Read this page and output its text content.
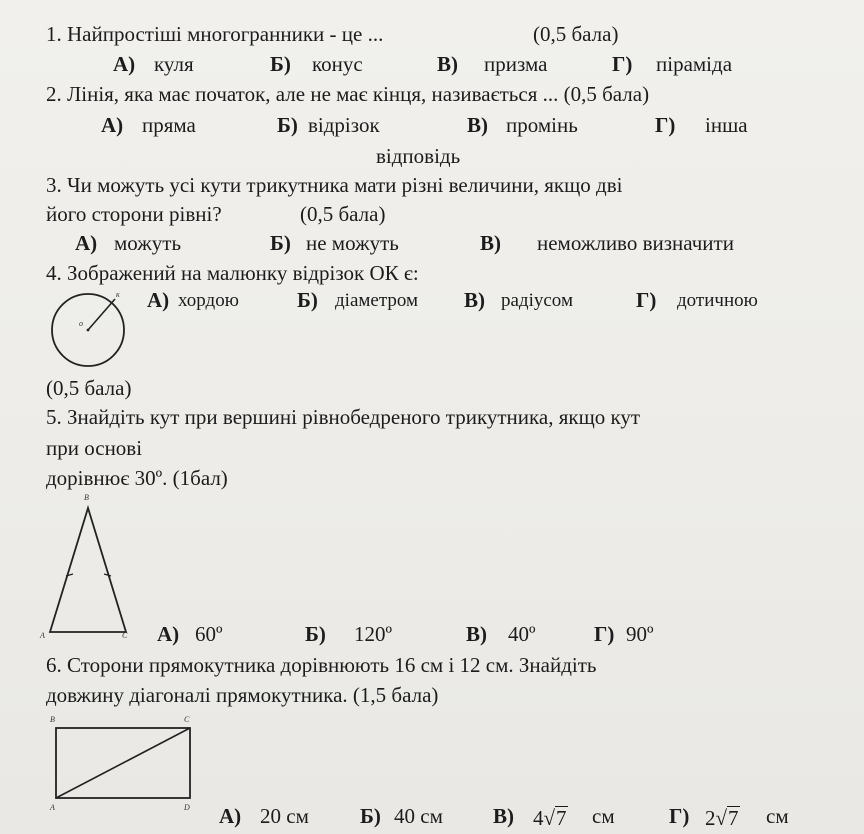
1. Найпростіші многогранники - це ...	(0,5 бала)
А) куля	Б) конус	В) призма	Г) піраміда
2. Лінія, яка має початок, але не має кінця, називається ... (0,5 бала)
А) пряма	Б) відрізок	В) промінь	Г) інша
відповідь
3. Чи можуть усі кути трикутника мати різні величини, якщо дві
його сторони рівні?	(0,5 бала)
А) можуть	Б) не можуть	В) неможливо визначити
4. Зображений на малюнку відрізок ОК є:
o
к А) хордою	Б) діаметром В) радіусом	Г) дотичною
(0,5 бала)
5. Знайдіть кут при вершині рівнобедреного трикутника, якщо кут
при основі
дорівнює 30º. (1бал)
B
A	C А) 60º	Б) 120º	В) 40º	Г) 90º
6. Сторони прямокутника дорівнюють 16 см і 12 см. Знайдіть
довжину діагоналі прямокутника. (1,5 бала)
B	C
A	D А) 20 см Б) 40 см В) 4√7 см	Г) 2√7 см
